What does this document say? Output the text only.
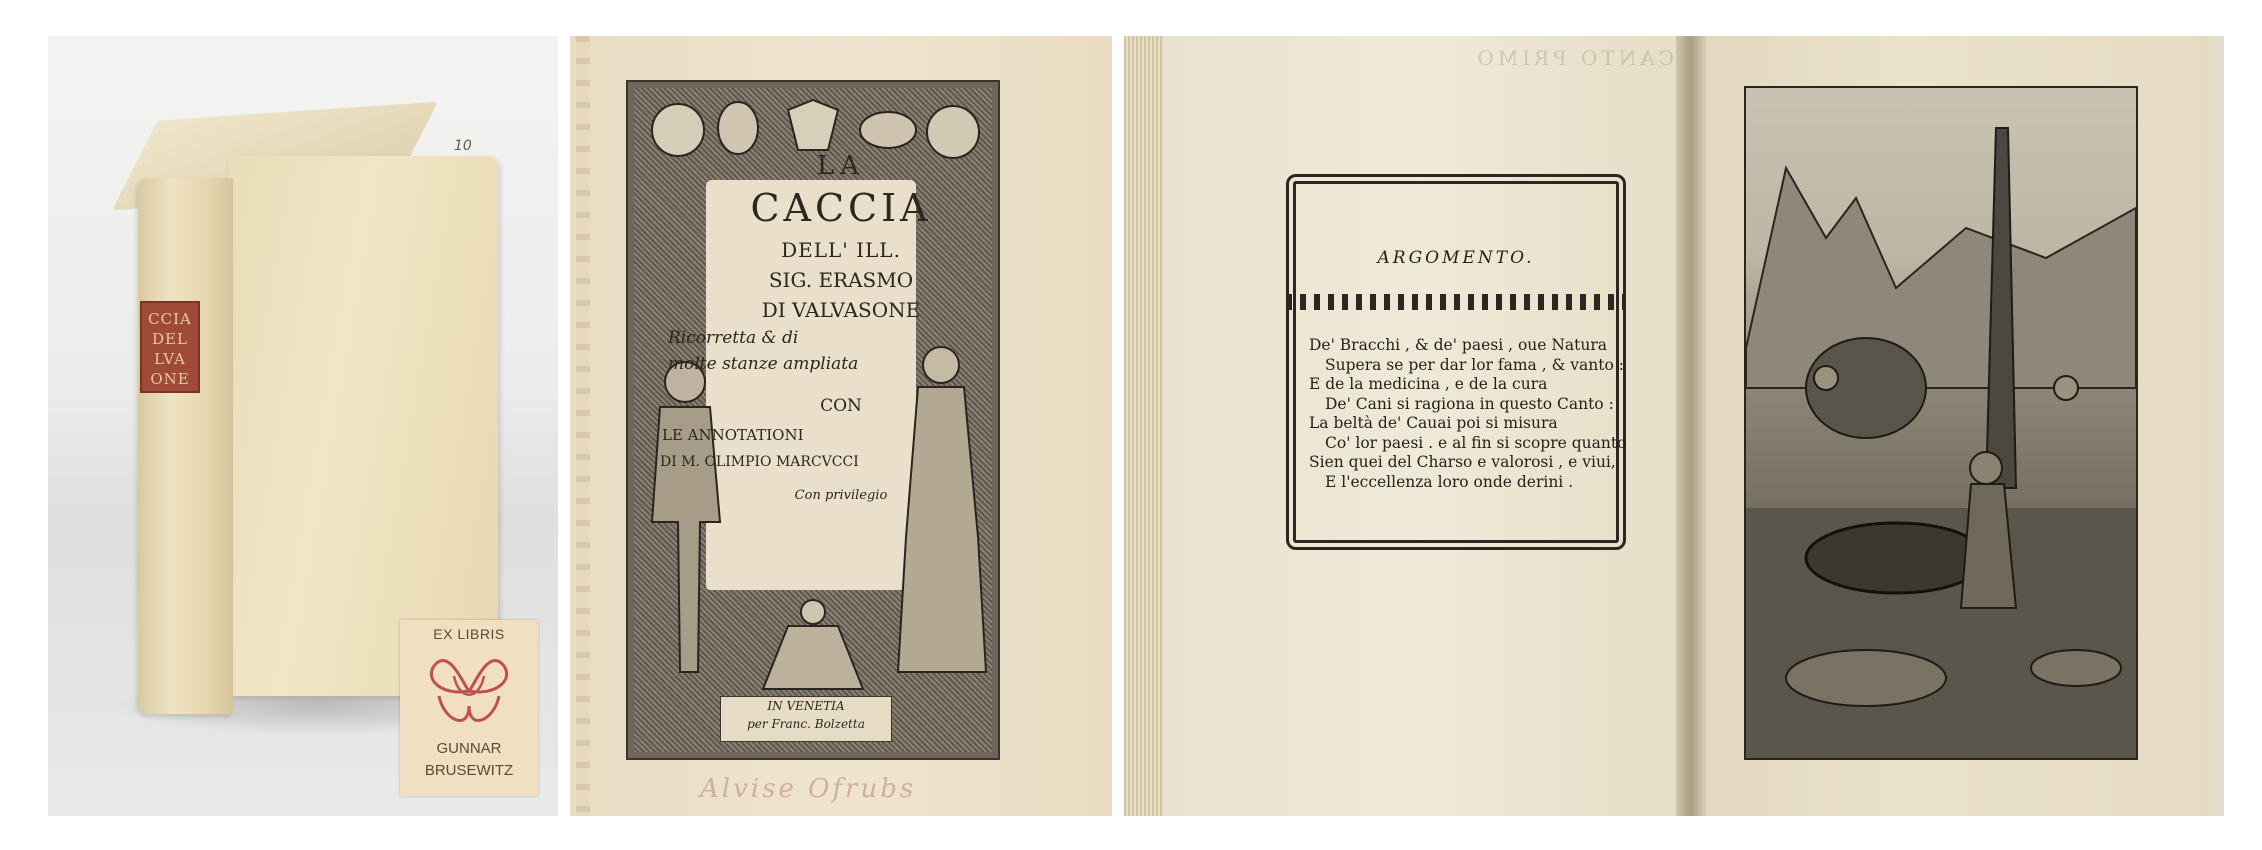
CCIA
DEL
LVA
ONE
10
EX LIBRIS
GUNNAR
BRUSEWITZ
LA
CACCIA
DELL' ILL.
SIG. ERASMO
DI VALVASONE
Ricorretta & di
molte stanze ampliata
CON
LE ANNOTATIONI
DI M. OLIMPIO MARCVCCI
Con privilegio
IN VENETIA
per Franc. Bolzetta
Alvise Ofrubs
CANTO PRIMO
ARGOMENTO.
De' Bracchi , & de' paesi , oue Natura
Supera se per dar lor fama , & vanto :
E de la medicina , e de la cura
De' Cani si ragiona in questo Canto :
La beltà de' Cauai poi si misura
Co' lor paesi . e al fin si scopre quanto
Sien quei del Charso e valorosi , e viui,
E l'eccellenza loro onde derini .
